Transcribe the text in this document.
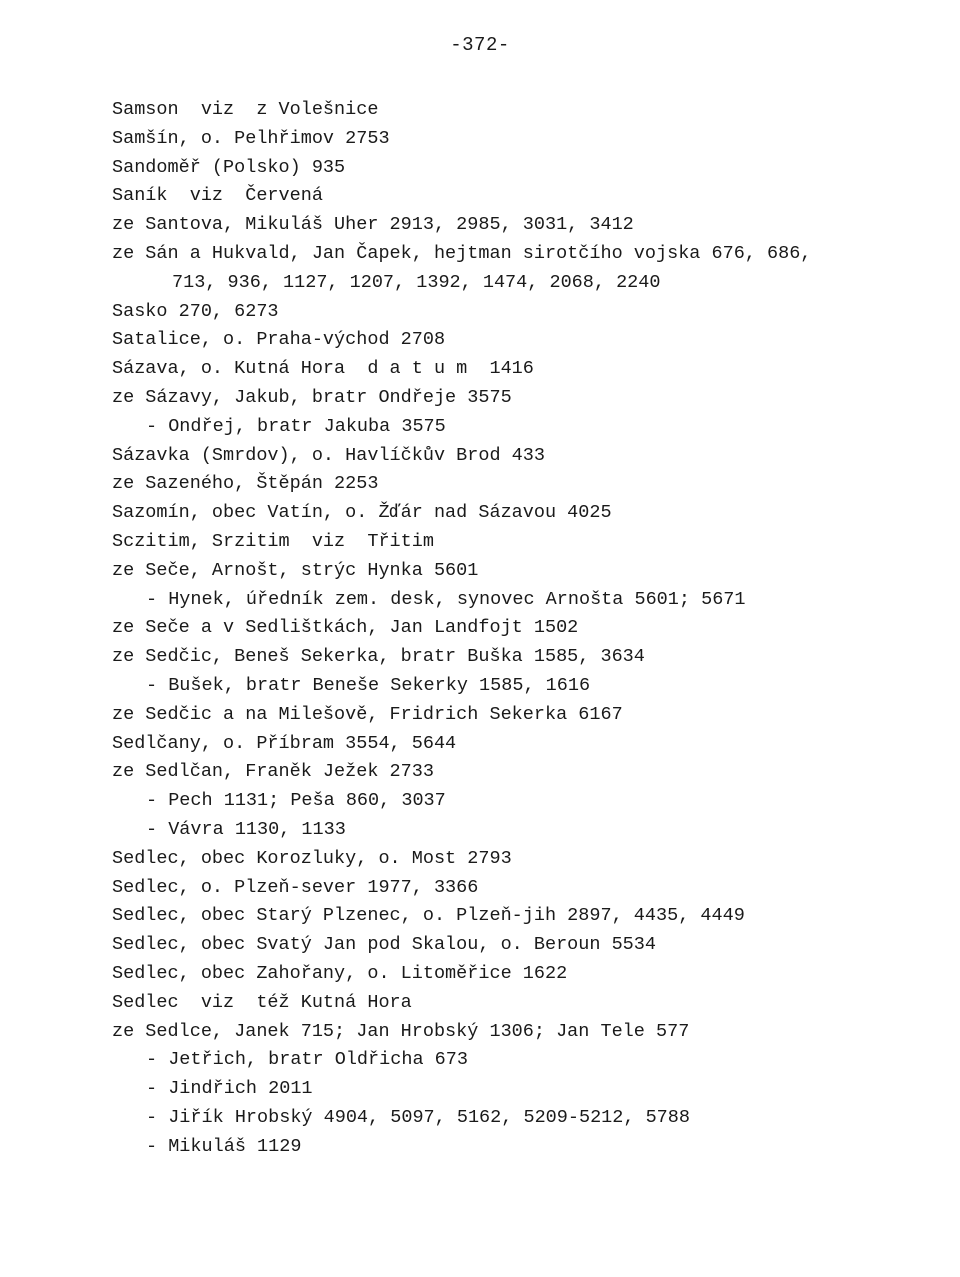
-372-
Samson  viz  z Volešnice
Samšín, o. Pelhřimov 2753
Sandoměř (Polsko) 935
Saník  viz  Červená
ze Santova, Mikuláš Uher 2913, 2985, 3031, 3412
ze Sán a Hukvald, Jan Čapek, hejtman sirotčího vojska 676, 686,
713, 936, 1127, 1207, 1392, 1474, 2068, 2240
Sasko 270, 6273
Satalice, o. Praha-východ 2708
Sázava, o. Kutná Hora  d a t u m  1416
ze Sázavy, Jakub, bratr Ondřeje 3575
- Ondřej, bratr Jakuba 3575
Sázavka (Smrdov), o. Havlíčkův Brod 433
ze Sazeného, Štěpán 2253
Sazomín, obec Vatín, o. Žďár nad Sázavou 4025
Sczitim, Srzitim  viz  Třitim
ze Seče, Arnošt, strýc Hynka 5601
- Hynek, úředník zem. desk, synovec Arnošta 5601; 5671
ze Seče a v Sedlištkách, Jan Landfojt 1502
ze Sedčic, Beneš Sekerka, bratr Buška 1585, 3634
- Bušek, bratr Beneše Sekerky 1585, 1616
ze Sedčic a na Milešově, Fridrich Sekerka 6167
Sedlčany, o. Příbram 3554, 5644
ze Sedlčan, Franěk Ježek 2733
- Pech 1131; Peša 860, 3037
- Vávra 1130, 1133
Sedlec, obec Korozluky, o. Most 2793
Sedlec, o. Plzeň-sever 1977, 3366
Sedlec, obec Starý Plzenec, o. Plzeň-jih 2897, 4435, 4449
Sedlec, obec Svatý Jan pod Skalou, o. Beroun 5534
Sedlec, obec Zahořany, o. Litoměřice 1622
Sedlec  viz  též Kutná Hora
ze Sedlce, Janek 715; Jan Hrobský 1306; Jan Tele 577
- Jetřich, bratr Oldřicha 673
- Jindřich 2011
- Jiřík Hrobský 4904, 5097, 5162, 5209-5212, 5788
- Mikuláš 1129
